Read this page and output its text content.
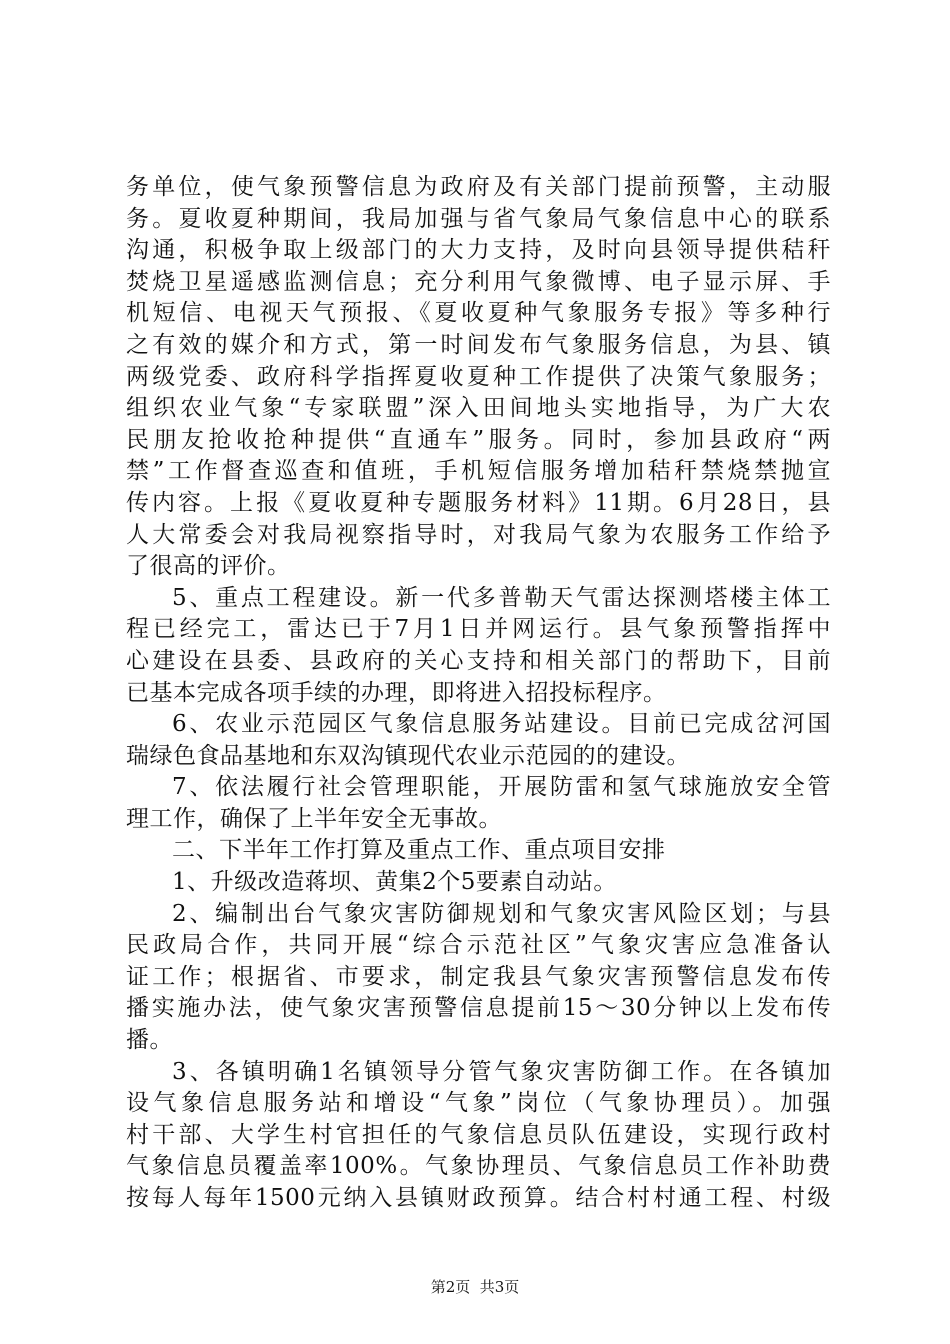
务单位，使气象预警信息为政府及有关部门提前预警，主动服
务。夏收夏种期间，我局加强与省气象局气象信息中心的联系
沟通，积极争取上级部门的大力支持，及时向县领导提供秸秆
焚烧卫星遥感监测信息；充分利用气象微博、电子显示屏、手
机短信、电视天气预报、《夏收夏种气象服务专报》等多种行
之有效的媒介和方式，第一时间发布气象服务信息，为县、镇
两级党委、政府科学指挥夏收夏种工作提供了决策气象服务；
组织农业气象“专家联盟”深入田间地头实地指导，为广大农
民朋友抢收抢种提供“直通车”服务。同时，参加县政府“两
禁”工作督查巡查和值班，手机短信服务增加秸秆禁烧禁抛宣
传内容。上报《夏收夏种专题服务材料》11期。6月28日，县
人大常委会对我局视察指导时，对我局气象为农服务工作给予
了很高的评价。
5、重点工程建设。新一代多普勒天气雷达探测塔楼主体工
程已经完工，雷达已于7月1日并网运行。县气象预警指挥中
心建设在县委、县政府的关心支持和相关部门的帮助下，目前
已基本完成各项手续的办理，即将进入招投标程序。
6、农业示范园区气象信息服务站建设。目前已完成岔河国
瑞绿色食品基地和东双沟镇现代农业示范园的的建设。
7、依法履行社会管理职能，开展防雷和氢气球施放安全管
理工作，确保了上半年安全无事故。
二、下半年工作打算及重点工作、重点项目安排
1、升级改造蒋坝、黄集2个5要素自动站。
2、编制出台气象灾害防御规划和气象灾害风险区划；与县
民政局合作，共同开展“综合示范社区”气象灾害应急准备认
证工作；根据省、市要求，制定我县气象灾害预警信息发布传
播实施办法，使气象灾害预警信息提前15～30分钟以上发布传
播。
3、各镇明确1名镇领导分管气象灾害防御工作。在各镇加
设气象信息服务站和增设“气象”岗位（气象协理员）。加强
村干部、大学生村官担任的气象信息员队伍建设，实现行政村
气象信息员覆盖率100%。气象协理员、气象信息员工作补助费
按每人每年1500元纳入县镇财政预算。结合村村通工程、村级
第2页  共3页
